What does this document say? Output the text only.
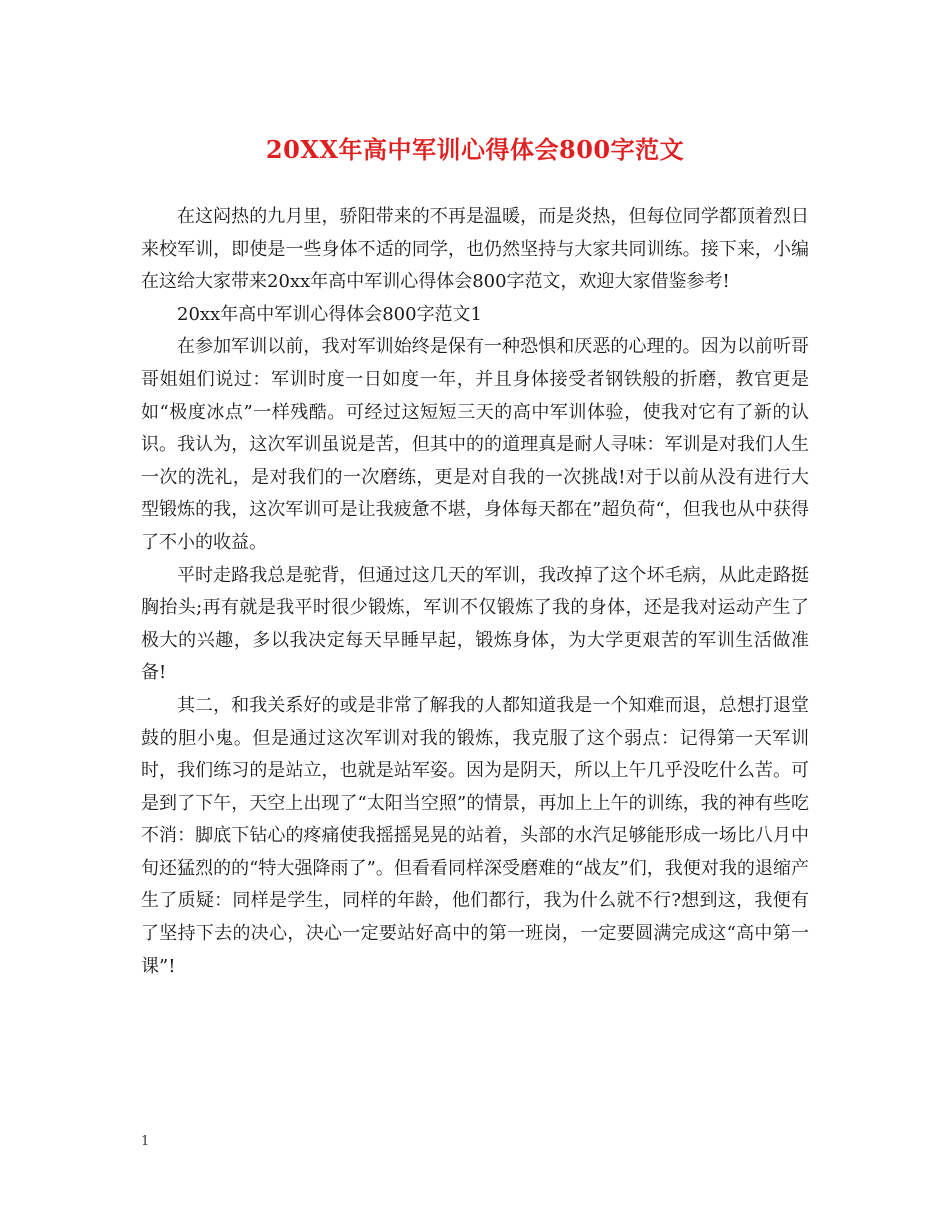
20XX年高中军训心得体会800字范文

在这闷热的九月里，骄阳带来的不再是温暖，而是炎热，但每位同学都顶着烈日来校军训，即使是一些身体不适的同学，也仍然坚持与大家共同训练。接下来，小编在这给大家带来20xx年高中军训心得体会800字范文，欢迎大家借鉴参考!

20xx年高中军训心得体会800字范文1

在参加军训以前，我对军训始终是保有一种恐惧和厌恶的心理的。因为以前听哥哥姐姐们说过：军训时度一日如度一年，并且身体接受者钢铁般的折磨，教官更是如“极度冰点”一样残酷。可经过这短短三天的高中军训体验，使我对它有了新的认识。我认为，这次军训虽说是苦，但其中的的道理真是耐人寻味：军训是对我们人生一次的洗礼，是对我们的一次磨练，更是对自我的一次挑战!对于以前从没有进行大型锻炼的我，这次军训可是让我疲惫不堪，身体每天都在”超负荷“，但我也从中获得了不小的收益。

平时走路我总是驼背，但通过这几天的军训，我改掉了这个坏毛病，从此走路挺胸抬头;再有就是我平时很少锻炼，军训不仅锻炼了我的身体，还是我对运动产生了极大的兴趣，多以我决定每天早睡早起，锻炼身体，为大学更艰苦的军训生活做准备!

其二，和我关系好的或是非常了解我的人都知道我是一个知难而退，总想打退堂鼓的胆小鬼。但是通过这次军训对我的锻炼，我克服了这个弱点：记得第一天军训时，我们练习的是站立，也就是站军姿。因为是阴天，所以上午几乎没吃什么苦。可是到了下午，天空上出现了“太阳当空照”的情景，再加上上午的训练，我的神有些吃不消：脚底下钻心的疼痛使我摇摇晃晃的站着，头部的水汽足够能形成一场比八月中旬还猛烈的的“特大强降雨了”。但看看同样深受磨难的“战友”们，我便对我的退缩产生了质疑：同样是学生，同样的年龄，他们都行，我为什么就不行?想到这，我便有了坚持下去的决心，决心一定要站好高中的第一班岗，一定要圆满完成这“高中第一课”!

1
